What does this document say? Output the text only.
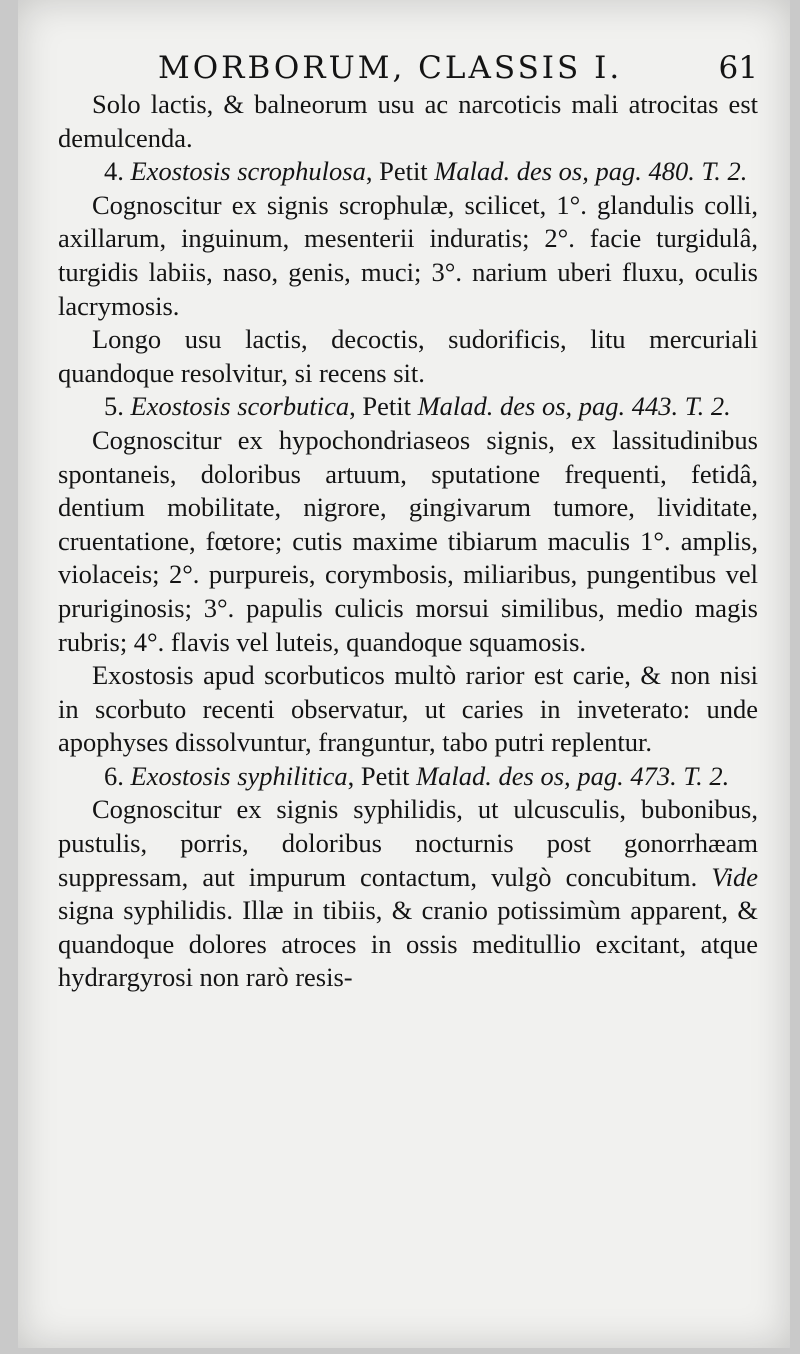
MORBORUM, CLASSIS I.	61

Solo lactis, & balneorum usu ac narcoticis mali atrocitas est demulcenda.

4. Exostosis scrophulosa, Petit Malad. des os, pag. 480. T. 2.

Cognoscitur ex signis scrophulæ, scilicet, 1°. glandulis colli, axillarum, inguinum, mesenterii induratis; 2°. facie turgidulâ, turgidis labiis, naso, genis, muci; 3°. narium uberi fluxu, oculis lacrymosis.

Longo usu lactis, decoctis, sudorificis, litu mercuriali quandoque resolvitur, si recens sit.

5. Exostosis scorbutica, Petit Malad. des os, pag. 443. T. 2.

Cognoscitur ex hypochondriaseos signis, ex lassitudinibus spontaneis, doloribus artuum, sputatione frequenti, fetidâ, dentium mobilitate, nigrore, gingivarum tumore, lividitate, cruentatione, fœtore; cutis maxime tibiarum maculis 1°. amplis, violaceis; 2°. purpureis, corymbosis, miliaribus, pungentibus vel pruriginosis; 3°. papulis culicis morsui similibus, medio magis rubris; 4°. flavis vel luteis, quandoque squamosis.

Exostosis apud scorbuticos multò rarior est carie, & non nisi in scorbuto recenti observatur, ut caries in inveterato: unde apophyses dissolvuntur, franguntur, tabo putri replentur.

6. Exostosis syphilitica, Petit Malad. des os, pag. 473. T. 2.

Cognoscitur ex signis syphilidis, ut ulcusculis, bubonibus, pustulis, porris, doloribus nocturnis post gonorrhæam suppressam, aut impurum contactum, vulgò concubitum. Vide signa syphilidis. Illæ in tibiis, & cranio potissimùm apparent, & quandoque dolores atroces in ossis meditullio excitant, atque hydrargyrosi non rarò resis-
